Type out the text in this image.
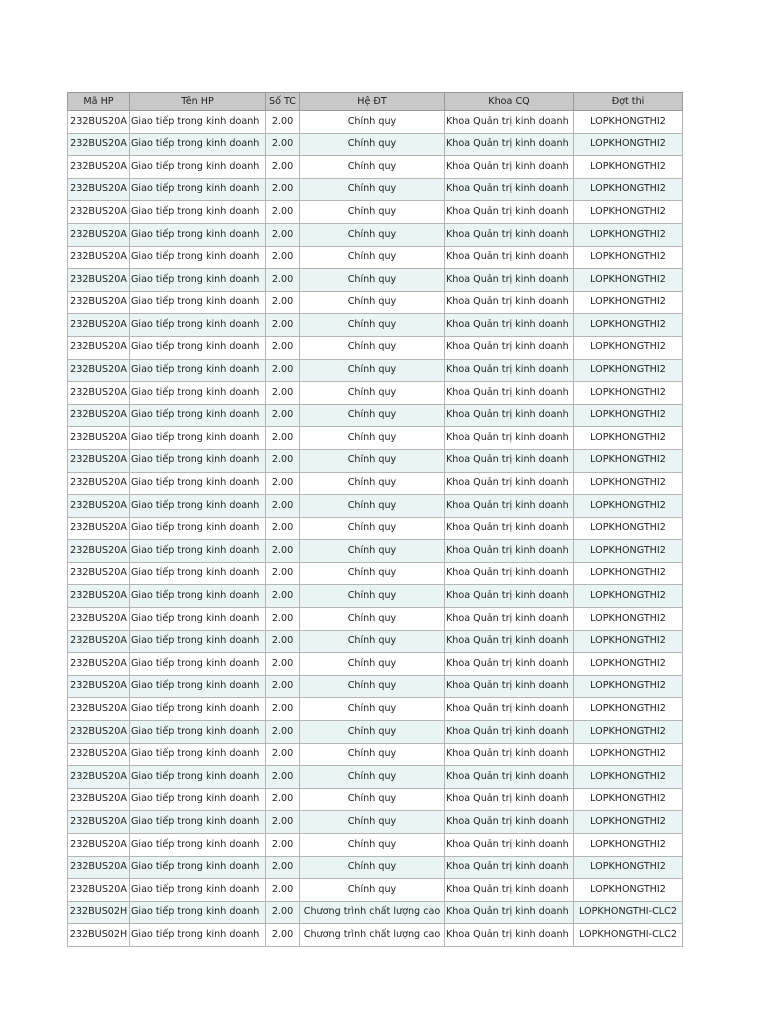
Mã HP	Tên HP	Số TC	Hệ ĐT	Khoa CQ	Đợt thi
232BUS20A	Giao tiếp trong kinh doanh	2.00	Chính quy	Khoa Quản trị kinh doanh	LOPKHONGTHI2
232BUS20A	Giao tiếp trong kinh doanh	2.00	Chính quy	Khoa Quản trị kinh doanh	LOPKHONGTHI2
232BUS20A	Giao tiếp trong kinh doanh	2.00	Chính quy	Khoa Quản trị kinh doanh	LOPKHONGTHI2
232BUS20A	Giao tiếp trong kinh doanh	2.00	Chính quy	Khoa Quản trị kinh doanh	LOPKHONGTHI2
232BUS20A	Giao tiếp trong kinh doanh	2.00	Chính quy	Khoa Quản trị kinh doanh	LOPKHONGTHI2
232BUS20A	Giao tiếp trong kinh doanh	2.00	Chính quy	Khoa Quản trị kinh doanh	LOPKHONGTHI2
232BUS20A	Giao tiếp trong kinh doanh	2.00	Chính quy	Khoa Quản trị kinh doanh	LOPKHONGTHI2
232BUS20A	Giao tiếp trong kinh doanh	2.00	Chính quy	Khoa Quản trị kinh doanh	LOPKHONGTHI2
232BUS20A	Giao tiếp trong kinh doanh	2.00	Chính quy	Khoa Quản trị kinh doanh	LOPKHONGTHI2
232BUS20A	Giao tiếp trong kinh doanh	2.00	Chính quy	Khoa Quản trị kinh doanh	LOPKHONGTHI2
232BUS20A	Giao tiếp trong kinh doanh	2.00	Chính quy	Khoa Quản trị kinh doanh	LOPKHONGTHI2
232BUS20A	Giao tiếp trong kinh doanh	2.00	Chính quy	Khoa Quản trị kinh doanh	LOPKHONGTHI2
232BUS20A	Giao tiếp trong kinh doanh	2.00	Chính quy	Khoa Quản trị kinh doanh	LOPKHONGTHI2
232BUS20A	Giao tiếp trong kinh doanh	2.00	Chính quy	Khoa Quản trị kinh doanh	LOPKHONGTHI2
232BUS20A	Giao tiếp trong kinh doanh	2.00	Chính quy	Khoa Quản trị kinh doanh	LOPKHONGTHI2
232BUS20A	Giao tiếp trong kinh doanh	2.00	Chính quy	Khoa Quản trị kinh doanh	LOPKHONGTHI2
232BUS20A	Giao tiếp trong kinh doanh	2.00	Chính quy	Khoa Quản trị kinh doanh	LOPKHONGTHI2
232BUS20A	Giao tiếp trong kinh doanh	2.00	Chính quy	Khoa Quản trị kinh doanh	LOPKHONGTHI2
232BUS20A	Giao tiếp trong kinh doanh	2.00	Chính quy	Khoa Quản trị kinh doanh	LOPKHONGTHI2
232BUS20A	Giao tiếp trong kinh doanh	2.00	Chính quy	Khoa Quản trị kinh doanh	LOPKHONGTHI2
232BUS20A	Giao tiếp trong kinh doanh	2.00	Chính quy	Khoa Quản trị kinh doanh	LOPKHONGTHI2
232BUS20A	Giao tiếp trong kinh doanh	2.00	Chính quy	Khoa Quản trị kinh doanh	LOPKHONGTHI2
232BUS20A	Giao tiếp trong kinh doanh	2.00	Chính quy	Khoa Quản trị kinh doanh	LOPKHONGTHI2
232BUS20A	Giao tiếp trong kinh doanh	2.00	Chính quy	Khoa Quản trị kinh doanh	LOPKHONGTHI2
232BUS20A	Giao tiếp trong kinh doanh	2.00	Chính quy	Khoa Quản trị kinh doanh	LOPKHONGTHI2
232BUS20A	Giao tiếp trong kinh doanh	2.00	Chính quy	Khoa Quản trị kinh doanh	LOPKHONGTHI2
232BUS20A	Giao tiếp trong kinh doanh	2.00	Chính quy	Khoa Quản trị kinh doanh	LOPKHONGTHI2
232BUS20A	Giao tiếp trong kinh doanh	2.00	Chính quy	Khoa Quản trị kinh doanh	LOPKHONGTHI2
232BUS20A	Giao tiếp trong kinh doanh	2.00	Chính quy	Khoa Quản trị kinh doanh	LOPKHONGTHI2
232BUS20A	Giao tiếp trong kinh doanh	2.00	Chính quy	Khoa Quản trị kinh doanh	LOPKHONGTHI2
232BUS20A	Giao tiếp trong kinh doanh	2.00	Chính quy	Khoa Quản trị kinh doanh	LOPKHONGTHI2
232BUS20A	Giao tiếp trong kinh doanh	2.00	Chính quy	Khoa Quản trị kinh doanh	LOPKHONGTHI2
232BUS20A	Giao tiếp trong kinh doanh	2.00	Chính quy	Khoa Quản trị kinh doanh	LOPKHONGTHI2
232BUS20A	Giao tiếp trong kinh doanh	2.00	Chính quy	Khoa Quản trị kinh doanh	LOPKHONGTHI2
232BUS20A	Giao tiếp trong kinh doanh	2.00	Chính quy	Khoa Quản trị kinh doanh	LOPKHONGTHI2
232BUS02H	Giao tiếp trong kinh doanh	2.00	Chương trình chất lượng cao	Khoa Quản trị kinh doanh	LOPKHONGTHI-CLC2
232BUS02H	Giao tiếp trong kinh doanh	2.00	Chương trình chất lượng cao	Khoa Quản trị kinh doanh	LOPKHONGTHI-CLC2
